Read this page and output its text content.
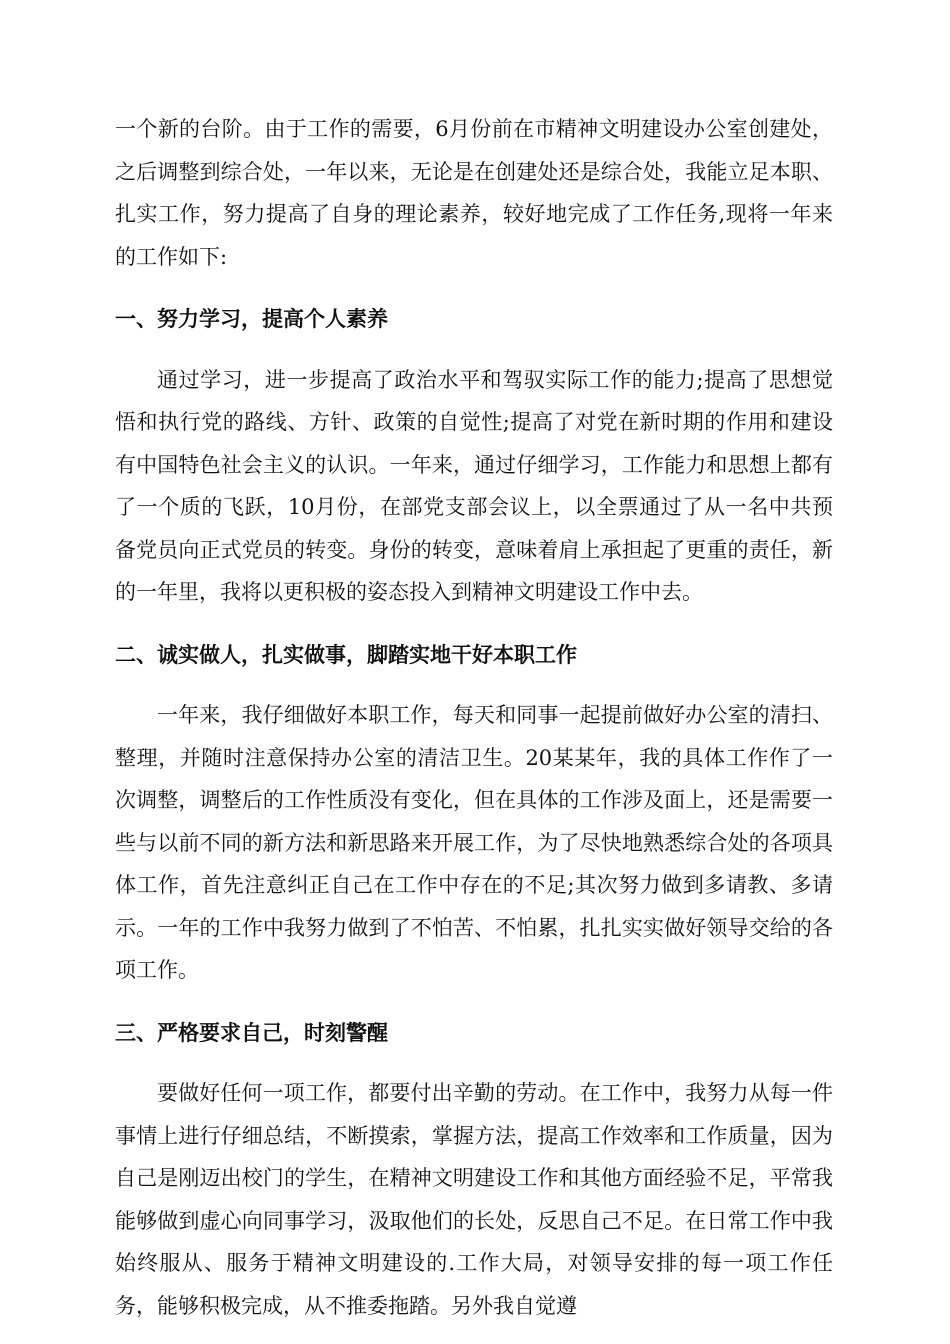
一个新的台阶。由于工作的需要，6月份前在市精神文明建设办公室创建处，之后调整到综合处，一年以来，无论是在创建处还是综合处，我能立足本职、扎实工作，努力提高了自身的理论素养，较好地完成了工作任务,现将一年来的工作如下:

一、努力学习，提高个人素养

通过学习，进一步提高了政治水平和驾驭实际工作的能力;提高了思想觉悟和执行党的路线、方针、政策的自觉性;提高了对党在新时期的作用和建设有中国特色社会主义的认识。一年来，通过仔细学习，工作能力和思想上都有了一个质的飞跃，10月份，在部党支部会议上，以全票通过了从一名中共预备党员向正式党员的转变。身份的转变，意味着肩上承担起了更重的责任，新的一年里，我将以更积极的姿态投入到精神文明建设工作中去。

二、诚实做人，扎实做事，脚踏实地干好本职工作

一年来，我仔细做好本职工作，每天和同事一起提前做好办公室的清扫、整理，并随时注意保持办公室的清洁卫生。20某某年，我的具体工作作了一次调整，调整后的工作性质没有变化，但在具体的工作涉及面上，还是需要一些与以前不同的新方法和新思路来开展工作，为了尽快地熟悉综合处的各项具体工作，首先注意纠正自己在工作中存在的不足;其次努力做到多请教、多请示。一年的工作中我努力做到了不怕苦、不怕累，扎扎实实做好领导交给的各项工作。

三、严格要求自己，时刻警醒

要做好任何一项工作，都要付出辛勤的劳动。在工作中，我努力从每一件事情上进行仔细总结，不断摸索，掌握方法，提高工作效率和工作质量，因为自己是刚迈出校门的学生，在精神文明建设工作和其他方面经验不足，平常我能够做到虚心向同事学习，汲取他们的长处，反思自己不足。在日常工作中我始终服从、服务于精神文明建设的.工作大局，对领导安排的每一项工作任务，能够积极完成，从不推委拖踏。另外我自觉遵
